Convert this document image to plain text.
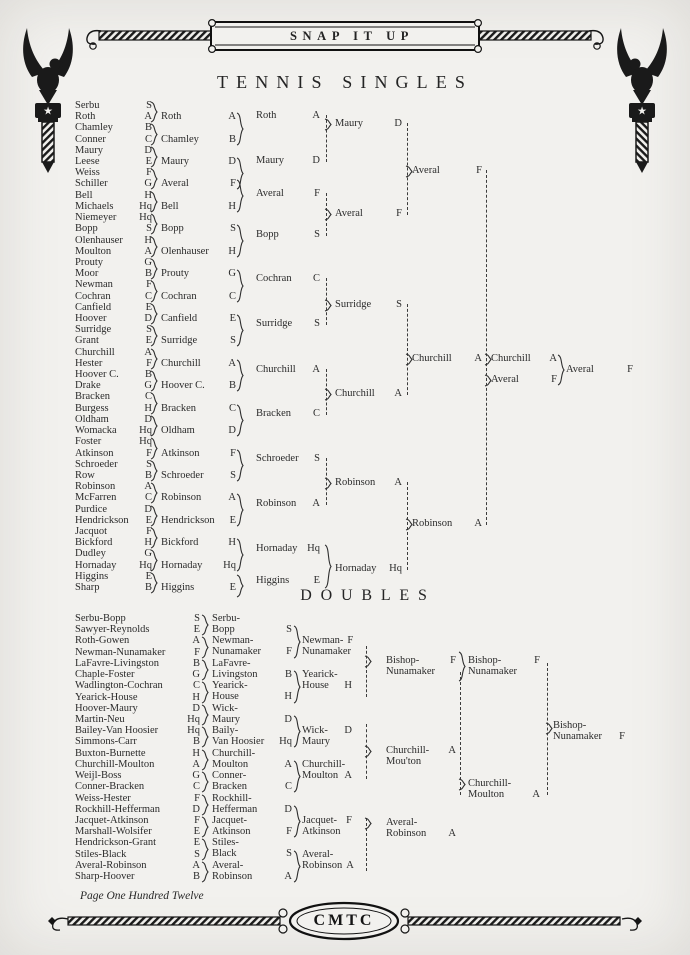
★	★
SNAP IT UP
TENNIS SINGLES
DOUBLES
Serbu	S
Roth	A
Chamley	B
Conner	C
Maury	D
Leese	E
Weiss	F
Schiller	G
Bell	H
Michaels	Hq
Niemeyer	Hq
Bopp	S
Olenhauser	H
Moulton	A
Prouty	G
Moor	B
Newman	F
Cochran	C
Canfield	E
Hoover	D
Surridge	S
Grant	E
Churchill	A
Hester	F
Hoover C.	B
Drake	G
Bracken	C
Burgess	H
Oldham	D
Womacka	Hq
Foster	Hq
Atkinson	F
Schroeder	S
Row	B
Robinson	A
McFarren	C
Purdice	D
Hendrickson	E
Jacquot	F
Bickford	H
Dudley	G
Hornaday	Hq
Higgins	E
Sharp	B
Roth	A
Chamley	B
Maury	D
Averal	F
Bell	H
Bopp	S
Olenhauser	H
Prouty	G
Cochran	C
Canfield	E
Surridge	S
Churchill	A
Hoover C.	B
Bracken	C
Oldham	D
Atkinson	F
Schroeder	S
Robinson	A
Hendrickson	E
Bickford	H
Hornaday	Hq
Higgins	E
Roth	A
Maury	D
Averal	F
Bopp	S
Cochran	C
Surridge	S
Churchill	A
Bracken	C
Schroeder	S
Robinson	A
Hornaday Hq
Higgins	E
Maury	D
Averal	F
Surridge	S
Churchill	A
Robinson	A
Hornaday	Hq
Averal	F
Churchill	A
Robinson	A
Churchill	A
Averal	F
Averal	F
Serbu-Bopp	S
Sawyer-Reynolds	E
Roth-Gowen	A
Newman-Nunamaker	F
LaFavre-Livingston	B
Chaple-Foster	G
Wadlington-Cochran	C
Yearick-House	H
Hoover-Maury	D
Martin-Neu	Hq
Bailey-Van Hoosier	Hq
Simmons-Carr	B
Buxton-Burnette	H
Churchill-Moulton	A
Weijl-Boss	G
Conner-Bracken	C
Weiss-Hester	F
Rockhill-Hefferman	D
Jacquet-Atkinson	F
Marshall-Wolsifer	E
Hendrickson-Grant	E
Stiles-Black	S
Averal-Robinson	A
Sharp-Hoover	B
Serbu-
Bopp	S
Newman-
Nunamaker	F
LaFavre-
Livingston	B
Yearick-
House	H
Wick-
Maury	D
Baily-
Van Hoosier	Hq
Churchill-
Moulton	A
Conner-
Bracken	C
Rockhill-
Hefferman	D
Jacquet-
Atkinson	F
Stiles-
Black	S
Averal-
Robinson	A
Newman- F
Nunamaker
Yearick-
House	H
Wick-	D
Maury
Churchill-
Moulton A
Jacquet- F
Atkinson
Averal-
Robinson A
Bishop-	F
Nunamaker
Churchill-	A
Mou'ton
Averal-
Robinson	A
Bishop-	F
Nunamaker
Churchill-
Moulton	A
Bishop-
Nunamaker	F
Page One Hundred Twelve
CMTC
